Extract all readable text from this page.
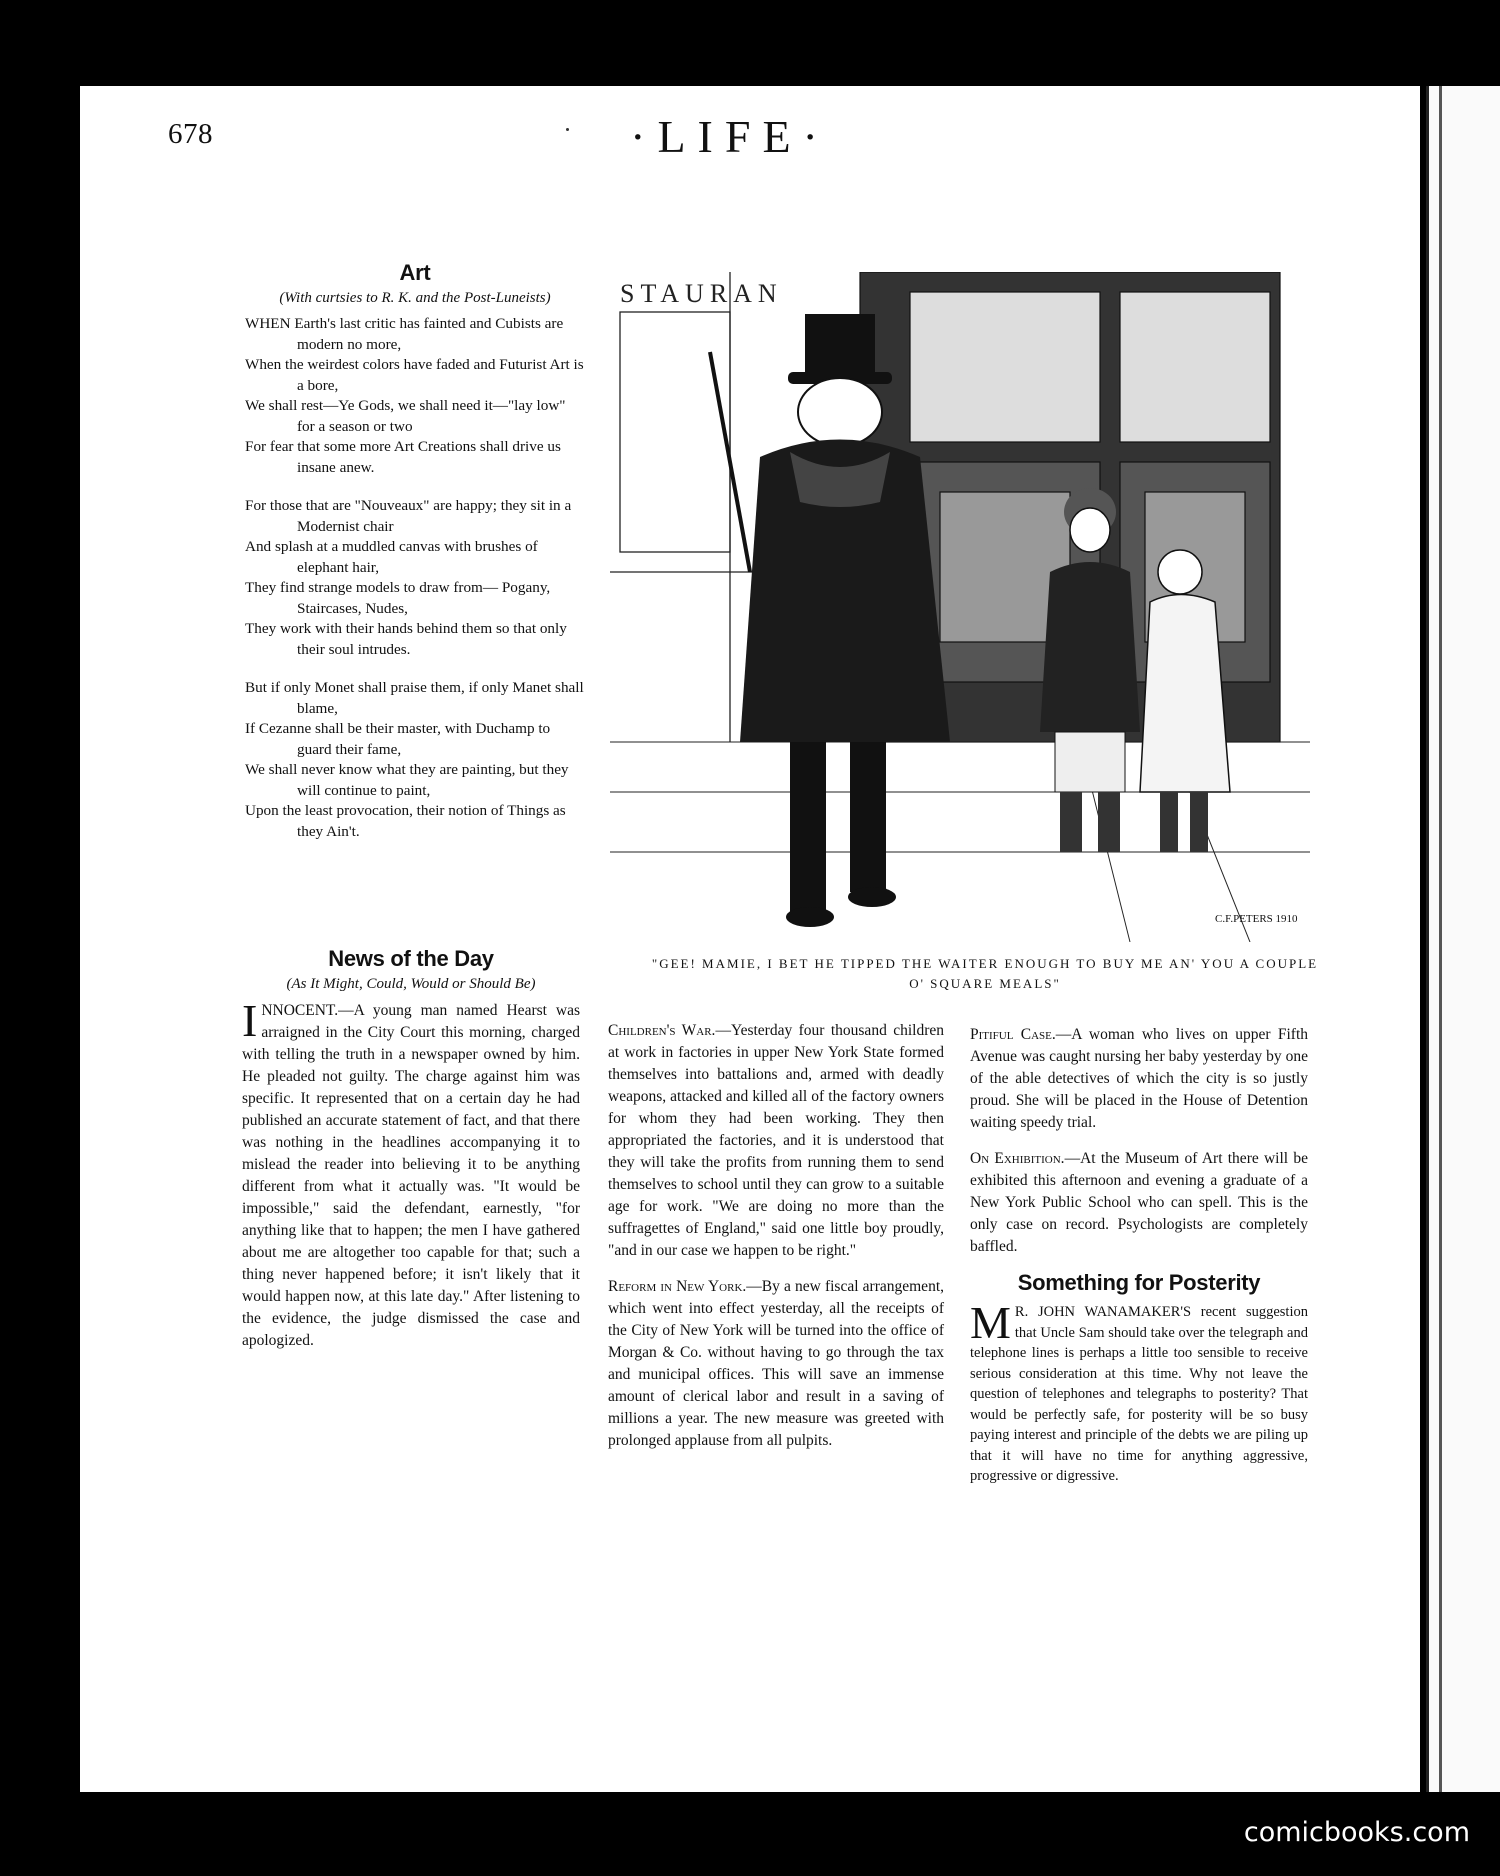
678	·LIFE·

Art

(With curtsies to R. K. and the Post-Luneists)

WHEN Earth's last critic has fainted and Cubists are modern no more,

When the weirdest colors have faded and Futurist Art is a bore,

We shall rest—Ye Gods, we shall need it—"lay low" for a season or two

For fear that some more Art Creations shall drive us insane anew.

For those that are "Nouveaux" are happy; they sit in a Modernist chair

And splash at a muddled canvas with brushes of elephant hair,

They find strange models to draw from— Pogany, Staircases, Nudes,

They work with their hands behind them so that only their soul intrudes.

But if only Monet shall praise them, if only Manet shall blame,

If Cezanne shall be their master, with Duchamp to guard their fame,

We shall never know what they are painting, but they will continue to paint,

Upon the least provocation, their notion of Things as they Ain't.

News of the Day

(As It Might, Could, Would or Should Be)

INNOCENT.—A young man named Hearst was arraigned in the City Court this morning, charged with telling the truth in a newspaper owned by him. He pleaded not guilty. The charge against him was specific. It represented that on a certain day he had published an accurate statement of fact, and that there was nothing in the headlines accompanying it to mislead the reader into believing it to be anything different from what it actually was. "It would be impossible," said the defendant, earnestly, "for anything like that to happen; the men I have gathered about me are altogether too capable for that; such a thing never happened before; it isn't likely that it would happen now, at this late day." After listening to the evidence, the judge dismissed the case and apologized.

Children's War.—Yesterday four thousand children at work in factories in upper New York State formed themselves into battalions and, armed with deadly weapons, attacked and killed all of the factory owners for whom they had been working. They then appropriated the factories, and it is understood that they will take the profits from running them to send themselves to school until they can grow to a suitable age for work. "We are doing no more than the suffragettes of England," said one little boy proudly, "and in our case we happen to be right."

Reform in New York.—By a new fiscal arrangement, which went into effect yesterday, all the receipts of the City of New York will be turned into the office of Morgan & Co. without having to go through the tax and municipal offices. This will save an immense amount of clerical labor and result in a saving of millions a year. The new measure was greeted with prolonged applause from all pulpits.

Pitiful Case.—A woman who lives on upper Fifth Avenue was caught nursing her baby yesterday by one of the able detectives of which the city is so justly proud. She will be placed in the House of Detention waiting speedy trial.

On Exhibition.—At the Museum of Art there will be exhibited this afternoon and evening a graduate of a New York Public School who can spell. This is the only case on record. Psychologists are completely baffled.

Something for Posterity

M R. JOHN WANAMAKER'S recent suggestion that Uncle Sam should take over the telegraph and telephone lines is perhaps a little too sensible to receive serious consideration at this time. Why not leave the question of telephones and telegraphs to posterity? That would be perfectly safe, for posterity will be so busy paying interest and principle of the debts we are piling up that it will have no time for anything aggressive, progressive or digressive.

STAURAN
C.F.PETERS 1910
"GEE! MAMIE, I BET HE TIPPED THE WAITER ENOUGH TO BUY ME AN' YOU A COUPLE O' SQUARE MEALS"
comicbooks.com
